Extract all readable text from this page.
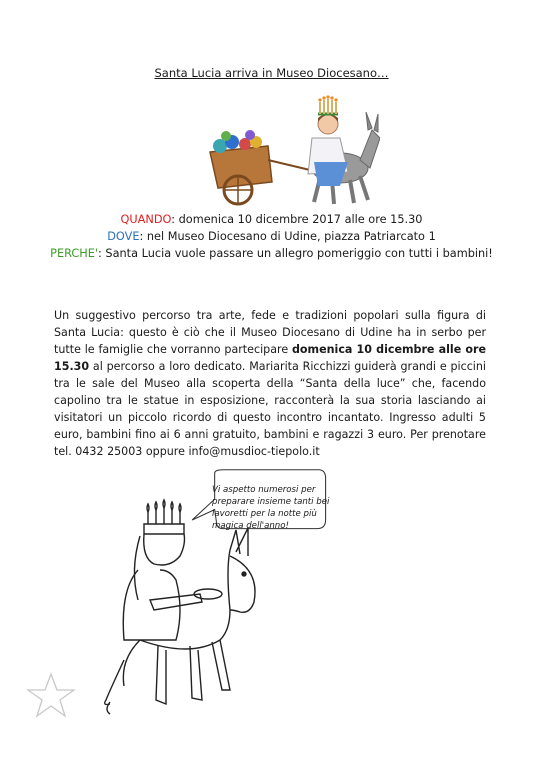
Santa Lucia arriva in Museo Diocesano…
QUANDO: domenica 10 dicembre 2017 alle ore 15.30
DOVE: nel Museo Diocesano di Udine, piazza Patriarcato 1
PERCHE': Santa Lucia vuole passare un allegro pomeriggio con tutti i bambini!
Un suggestivo percorso tra arte, fede e tradizioni popolari sulla figura di Santa Lucia: questo è ciò che il Museo Diocesano di Udine ha in serbo per tutte le famiglie che vorranno partecipare domenica 10 dicembre alle ore 15.30 al percorso a loro dedicato. Mariarita Ricchizzi guiderà grandi e piccini tra le sale del Museo alla scoperta della “Santa della luce” che, facendo capolino tra le statue in esposizione, racconterà la sua storia lasciando ai visitatori un piccolo ricordo di questo incontro incantato. Ingresso adulti 5 euro, bambini fino ai 6 anni gratuito, bambini e ragazzi 3 euro. Per prenotare tel. 0432 25003 oppure info@musdioc-tiepolo.it
Vi aspetto numerosi per preparare insieme tanti bei lavoretti per la notte più magica dell'anno!
